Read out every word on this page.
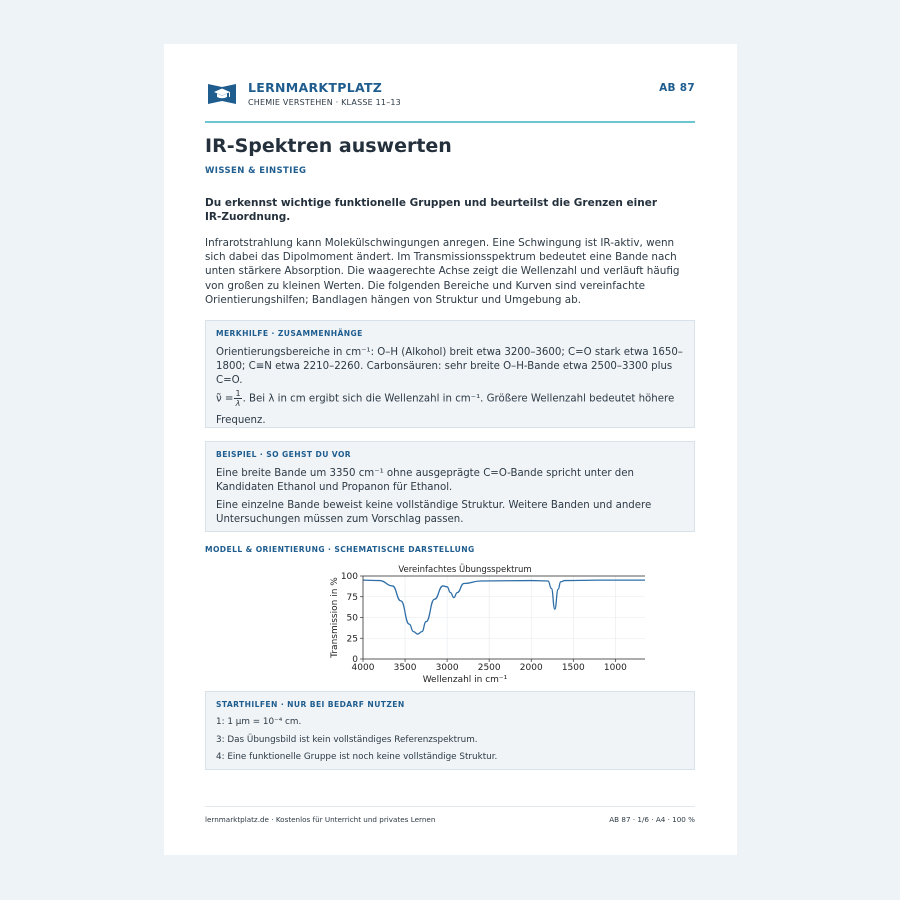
LERNMARKTPLATZ
CHEMIE VERSTEHEN · KLASSE 11–13
AB 87
IR-Spektren auswerten
WISSEN & EINSTIEG
Du erkennst wichtige funktionelle Gruppen und beurteilst die Grenzen einer IR-Zuordnung.
Infrarotstrahlung kann Molekülschwingungen anregen. Eine Schwingung ist IR-aktiv, wenn sich dabei das Dipolmoment ändert. Im Transmissionsspektrum bedeutet eine Bande nach unten stärkere Absorption. Die waagerechte Achse zeigt die Wellenzahl und verläuft häufig von großen zu kleinen Werten. Die folgenden Bereiche und Kurven sind vereinfachte Orientierungshilfen; Bandlagen hängen von Struktur und Umgebung ab.
MERKHILFE · ZUSAMMENHÄNGE

Orientierungsbereiche in cm⁻¹: O–H (Alkohol) breit etwa 3200–3600; C=O stark etwa 1650–1800; C≡N etwa 2210–2260. Carbonsäuren: sehr breite O–H-Bande etwa 2500–3300 plus C=O.

ν̃ = $\frac{1}{\lambda}$ . Bei λ in cm ergibt sich die Wellenzahl in cm⁻¹. Größere Wellenzahl bedeutet höhere

Frequenz.

BEISPIEL · SO GEHST DU VOR

Eine breite Bande um 3350 cm⁻¹ ohne ausgeprägte C=O-Bande spricht unter den Kandidaten Ethanol und Propanon für Ethanol.

Eine einzelne Bande beweist keine vollständige Struktur. Weitere Banden und andere Untersuchungen müssen zum Vorschlag passen.

MODELL & ORIENTIERUNG · SCHEMATISCHE DARSTELLUNG
Vereinfachtes Übungsspektrum
Transmission in %
Wellenzahl in cm⁻¹
4000 3500 3000 2500 2000 1500 1000
0
25
50
75
100
STARTHILFEN · NUR BEI BEDARF NUTZEN

1: 1 µm = 10⁻⁴ cm.

3: Das Übungsbild ist kein vollständiges Referenzspektrum.

4: Eine funktionelle Gruppe ist noch keine vollständige Struktur.

lernmarktplatz.de · Kostenlos für Unterricht und privates Lernen	AB 87 · 1/6 · A4 · 100 %
